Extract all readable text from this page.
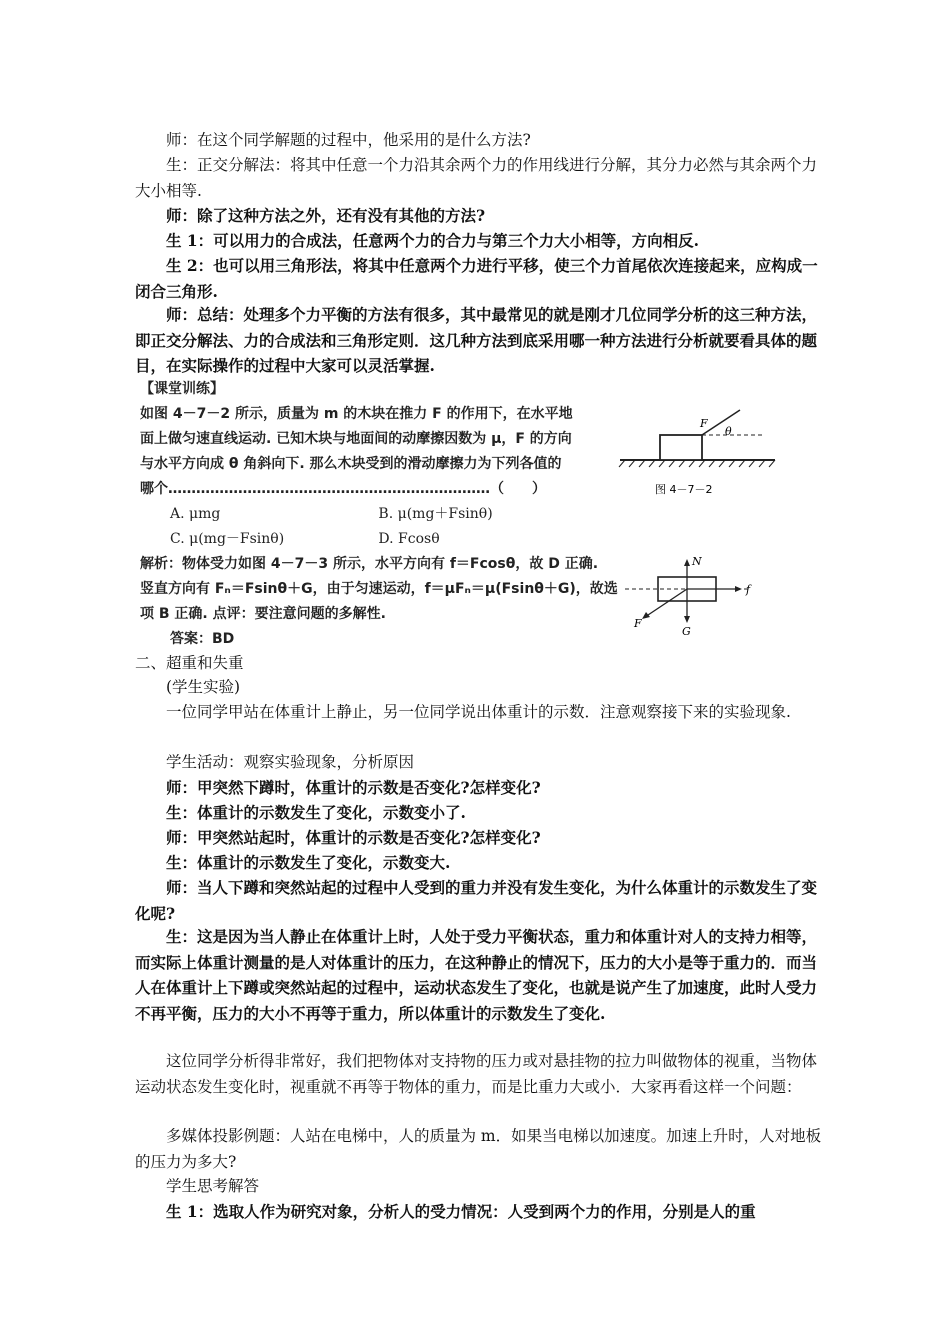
师：在这个同学解题的过程中，他采用的是什么方法?

生：正交分解法：将其中任意一个力沿其余两个力的作用线进行分解，其分力必然与其余两个力大小相等.

师：除了这种方法之外，还有没有其他的方法?

生 1：可以用力的合成法，任意两个力的合力与第三个力大小相等，方向相反.

生 2：也可以用三角形法，将其中任意两个力进行平移，使三个力首尾依次连接起来，应构成一闭合三角形.

师：总结：处理多个力平衡的方法有很多，其中最常见的就是刚才几位同学分析的这三种方法，即正交分解法、力的合成法和三角形定则．这几种方法到底采用哪一种方法进行分析就要看具体的题目，在实际操作的过程中大家可以灵活掌握.

【课堂训练】
如图 4－7－2 所示，质量为 m 的木块在推力 F 的作用下，在水平地
面上做匀速直线运动. 已知木块与地面间的动摩擦因数为 μ，F 的方向
与水平方向成 θ 角斜向下. 那么木块受到的滑动摩擦力为下列各值的
哪个……………………………………………………………（　　）
A. μmg	B. μ(mg＋Fsinθ)
C. μ(mg－Fsinθ)	D. Fcosθ
解析：物体受力如图 4－7－3 所示，水平方向有 f＝Fcosθ，故 D 正确.
竖直方向有 Fₙ＝Fsinθ＋G，由于匀速运动，f＝μFₙ＝μ(Fsinθ＋G)，故选
项 B 正确. 点评：要注意问题的多解性.
答案：BD
F
θ
图 4－7－2
N
f
F
G

二、超重和失重

(学生实验)

一位同学甲站在体重计上静止，另一位同学说出体重计的示数．注意观察接下来的实验现象.

学生活动：观察实验现象，分析原因

师：甲突然下蹲时，体重计的示数是否变化?怎样变化?

生：体重计的示数发生了变化，示数变小了.

师：甲突然站起时，体重计的示数是否变化?怎样变化?

生：体重计的示数发生了变化，示数变大.

师：当人下蹲和突然站起的过程中人受到的重力并没有发生变化，为什么体重计的示数发生了变化呢?

生：这是因为当人静止在体重计上时，人处于受力平衡状态，重力和体重计对人的支持力相等，而实际上体重计测量的是人对体重计的压力，在这种静止的情况下，压力的大小是等于重力的．而当人在体重计上下蹲或突然站起的过程中，运动状态发生了变化，也就是说产生了加速度，此时人受力不再平衡，压力的大小不再等于重力，所以体重计的示数发生了变化.

这位同学分析得非常好，我们把物体对支持物的压力或对悬挂物的拉力叫做物体的视重，当物体运动状态发生变化时，视重就不再等于物体的重力，而是比重力大或小．大家再看这样一个问题：

多媒体投影例题：人站在电梯中，人的质量为 m．如果当电梯以加速度。加速上升时，人对地板的压力为多大?

学生思考解答

生 1：选取人作为研究对象，分析人的受力情况：人受到两个力的作用，分别是人的重
